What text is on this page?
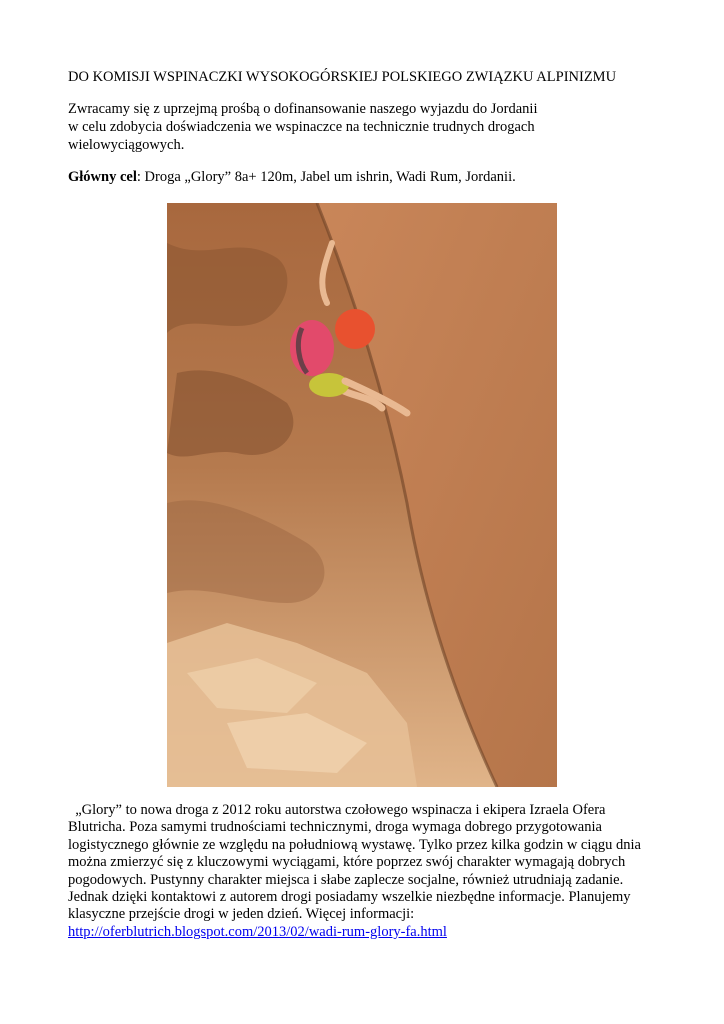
DO KOMISJI WSPINACZKI WYSOKOGÓRSKIEJ POLSKIEGO ZWIĄZKU ALPINIZMU
Zwracamy się z uprzejmą prośbą o dofinansowanie naszego wyjazdu do Jordanii
w celu zdobycia doświadczenia we wspinaczce na technicznie trudnych drogach
wielowyciągowych.
Główny cel: Droga „Glory” 8a+ 120m, Jabel um ishrin, Wadi Rum, Jordanii.
„Glory” to nowa droga z 2012 roku autorstwa czołowego wspinacza i ekipera Izraela Ofera
Blutricha. Poza samymi trudnościami technicznymi, droga wymaga dobrego przygotowania
logistycznego głównie ze względu na południową wystawę. Tylko przez kilka godzin w ciągu dnia
można zmierzyć się z kluczowymi wyciągami, które poprzez swój charakter wymagają dobrych
pogodowych. Pustynny charakter miejsca i słabe zaplecze socjalne, również utrudniają zadanie.
Jednak dzięki kontaktowi z autorem drogi posiadamy wszelkie niezbędne informacje. Planujemy
klasyczne przejście drogi w jeden dzień. Więcej informacji:
http://oferblutrich.blogspot.com/2013/02/wadi-rum-glory-fa.html
